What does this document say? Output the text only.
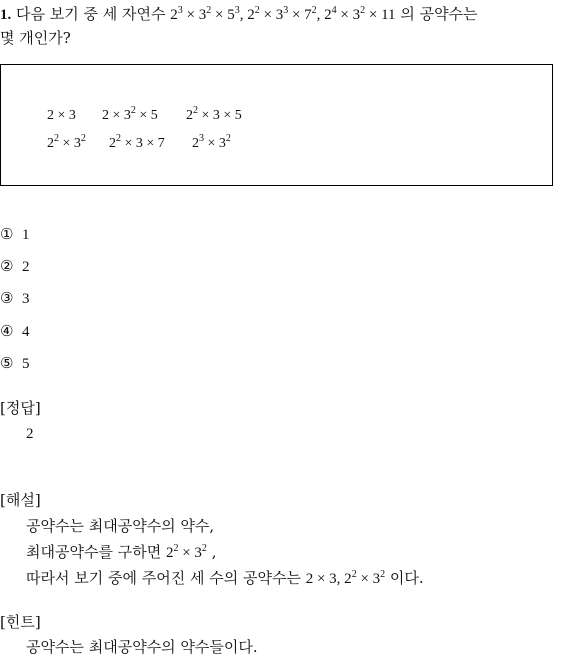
1. 다음 보기 중 세 자연수 $2^3 \times 3^2 \times 5^3$, $2^2 \times 3^3 \times 7^2$, $2^4 \times 3^2 \times 11$ 의 공약수는
몇 개인가?
2 × 3 $2 \times 3^2 \times 5$ $2^2 \times 3 \times 5$
$2^2 \times 3^2$ $2^2 \times 3 \times 7$ $2^3 \times 3^2$
① 1
② 2
③ 3
④ 4
⑤ 5
[정답]
2
[해설]
공약수는 최대공약수의 약수,
최대공약수를 구하면 $2^2 \times 3^2$ ,
따라서 보기 중에 주어진 세 수의 공약수는 2 × 3, $2^2 \times 3^2$ 이다.
[힌트]
공약수는 최대공약수의 약수들이다.
